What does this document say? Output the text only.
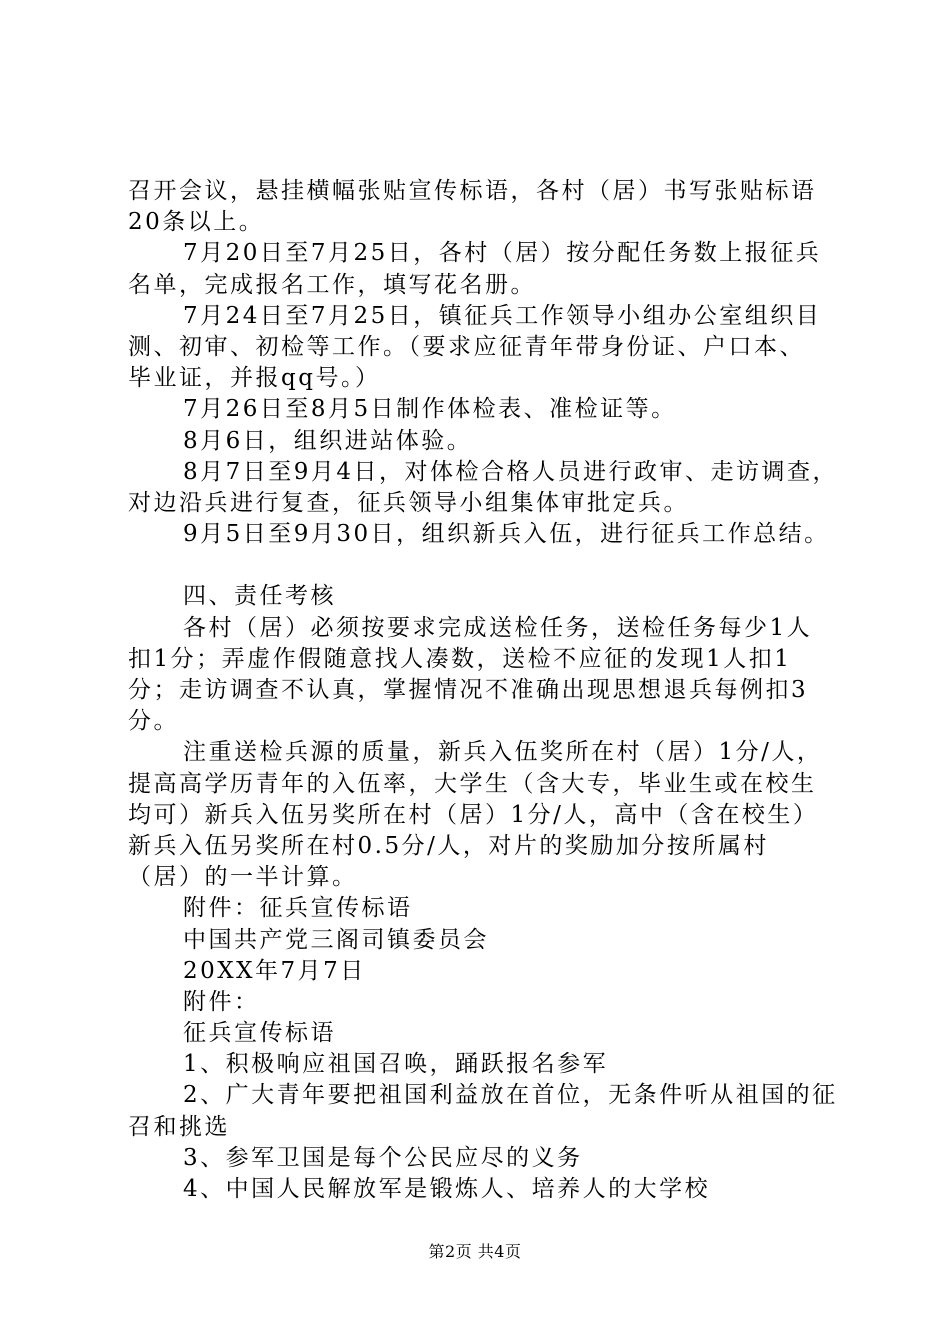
召开会议，悬挂横幅张贴宣传标语，各村（居）书写张贴标语
20条以上。
7月20日至7月25日，各村（居）按分配任务数上报征兵
名单，完成报名工作，填写花名册。
7月24日至7月25日，镇征兵工作领导小组办公室组织目
测、初审、初检等工作。（要求应征青年带身份证、户口本、
毕业证，并报qq号。）
7月26日至8月5日制作体检表、准检证等。
8月6日，组织进站体验。
8月7日至9月4日，对体检合格人员进行政审、走访调查，
对边沿兵进行复查，征兵领导小组集体审批定兵。
9月5日至9月30日，组织新兵入伍，进行征兵工作总结。
四、责任考核
各村（居）必须按要求完成送检任务，送检任务每少1人
扣1分；弄虚作假随意找人凑数，送检不应征的发现1人扣1
分；走访调查不认真，掌握情况不准确出现思想退兵每例扣3
分。
注重送检兵源的质量，新兵入伍奖所在村（居）1分/人，
提高高学历青年的入伍率，大学生（含大专，毕业生或在校生
均可）新兵入伍另奖所在村（居）1分/人，高中（含在校生）
新兵入伍另奖所在村0.5分/人，对片的奖励加分按所属村
（居）的一半计算。
附件：征兵宣传标语
中国共产党三阁司镇委员会
20XX年7月7日
附件：
征兵宣传标语
1、积极响应祖国召唤，踊跃报名参军
2、广大青年要把祖国利益放在首位，无条件听从祖国的征
召和挑选
3、参军卫国是每个公民应尽的义务
4、中国人民解放军是锻炼人、培养人的大学校
第2页 共4页
